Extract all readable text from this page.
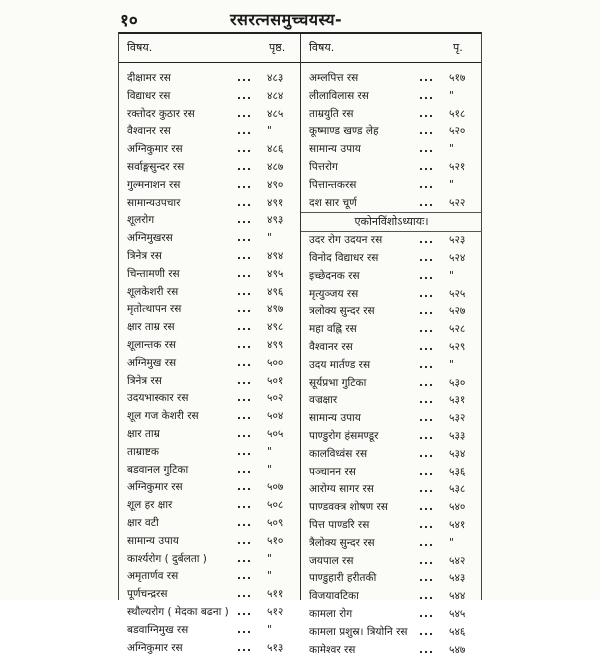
१०	रसरत्नसमुच्चयस्य-
विषय.	पृष्ठ. विषय.	पृ.
दीक्षामर रस	... ४८३
विद्याधर रस	... ४८४
रक्तोदर कुठार रस	... ४८५
वैश्वानर रस	... "
अग्निकुमार रस	... ४८६
सर्वाङ्गसुन्दर रस	... ४८७
गुल्मनाशन रस	... ४९०
सामान्यउपचार	... ४९१
शूलरोग	... ४९३
अग्निमुखरस	... "
त्रिनेत्र रस	... ४९४
चिन्तामणी रस	... ४९५
शूलकेशरी रस	... ४९६
मृतोत्थापन रस	... ४९७
क्षार ताम्र रस	... ४९८
शूलान्तक रस	... ४९९
अग्निमुख रस	... ५००
त्रिनेत्र रस	... ५०१
उदयभास्कार रस	... ५०२
शूल गज केशरी रस	... ५०४
क्षार ताम्र	... ५०५
ताम्राष्टक	... "
बडवानल गुटिका	... "
अग्निकुमार रस	... ५०७
शूल हर क्षार	... ५०८
क्षार वटी	... ५०९
सामान्य उपाय	... ५१०
कार्श्यरोग ( दुर्बलता )	... "
अमृतार्णव रस	... "
पूर्णचन्द्ररस	... ५११
स्थौल्यरोग ( मेदका बढना ) ... ५१२
बडवाग्निमुख रस	... "
अग्निकुमार रस	... ५१३
अम्लपित्त रस	... ५१७
लीलाविलास रस	... "
ताम्रयुति रस	... ५१८
कूष्माण्ड खण्ड लेह	... ५२०
सामान्य उपाय	... "
पित्तरोग	... ५२१
पित्तान्तकरस	... "
दश सार चूर्ण	... ५२२
एकोनविंशोऽध्यायः।
उदर रोग उदयन रस	... ५२३
विनोद विद्याधर रस	... ५२४
इच्छेदनक रस	... "
मृत्युञ्जय रस	... ५२५
त्रलोक्य सुन्दर रस	... ५२७
महा वह्नि रस	... ५२८
वैश्वानर रस	... ५२९
उदय मार्तण्ड रस	... "
सूर्यप्रभा गुटिका	... ५३०
वज्रक्षार	... ५३१
सामान्य उपाय	... ५३२
पाण्डुरोग हंसमण्डूर	... ५३३
कालविध्वंस रस	... ५३४
पञ्चानन रस	... ५३६
आरोग्य सागर रस	... ५३८
पाण्डवक्त्र शोषण रस	... ५४०
पित्त पाण्डरि रस	... ५४१
त्रैलोक्य सुन्दर रस	... "
जयपाल रस	... ५४२
पाण्डुहारी हरीतकी	... ५४३
विजयावटिका	... ५४४
कामला रोग	... ५४५
कामला प्रशुस्र। त्रियोनि रस ... ५४६
कामेश्वर रस	... ५४७
